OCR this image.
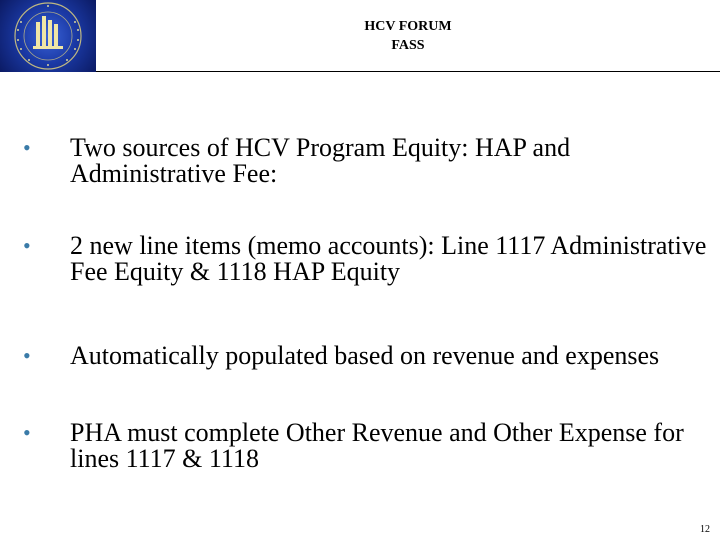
HCV FORUM
FASS
• Two sources of HCV Program Equity: HAP and Administrative Fee:
• 2 new line items (memo accounts): Line 1117 Administrative Fee Equity & 1118 HAP Equity
• Automatically populated based on revenue and expenses
• PHA must complete Other Revenue and Other Expense for lines 1117 & 1118
12
